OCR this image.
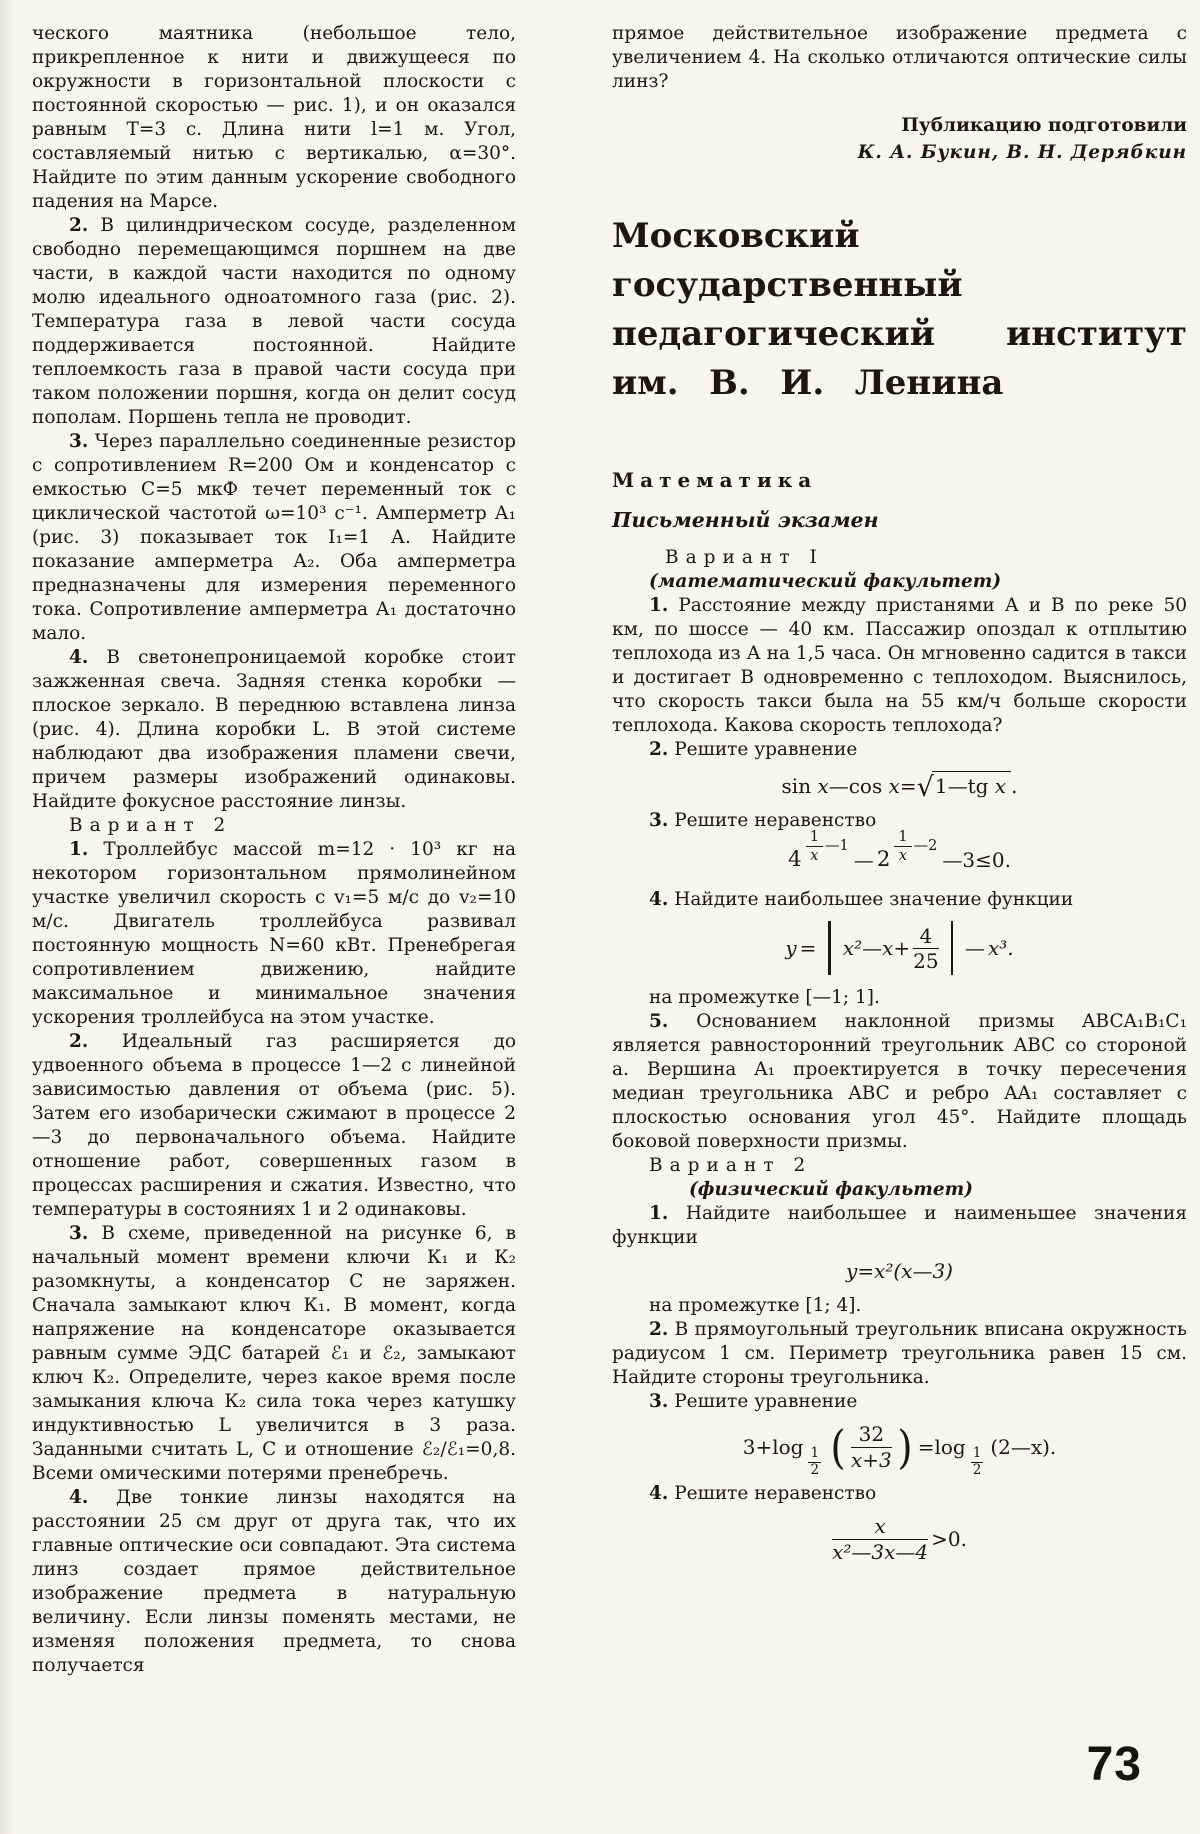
ческого маятника (небольшое тело, прикрепленное к нити и движущееся по окружности в горизонтальной плоскости с постоянной скоростью — рис. 1), и он оказался равным T=3 с. Длина нити l=1 м. Угол, составляемый нитью с вертикалью, α=30°. Найдите по этим данным ускорение свободного падения на Марсе.

2. В цилиндрическом сосуде, разделенном свободно перемещающимся поршнем на две части, в каждой части находится по одному молю идеального одноатомного газа (рис. 2). Температура газа в левой части сосуда поддерживается постоянной. Найдите теплоемкость газа в правой части сосуда при таком положении поршня, когда он делит сосуд пополам. Поршень тепла не проводит.

3. Через параллельно соединенные резистор с сопротивлением R=200 Ом и конденсатор с емкостью C=5 мкФ течет переменный ток с циклической частотой ω=10³ с⁻¹. Амперметр А₁ (рис. 3) показывает ток I₁=1 А. Найдите показание амперметра А₂. Оба амперметра предназначены для измерения переменного тока. Сопротивление амперметра А₁ достаточно мало.

4. В светонепроницаемой коробке стоит зажженная свеча. Задняя стенка коробки — плоское зеркало. В переднюю вставлена линза (рис. 4). Длина коробки L. В этой системе наблюдают два изображения пламени свечи, причем размеры изображений одинаковы. Найдите фокусное расстояние линзы.

Вариант 2

1. Троллейбус массой m=12 · 10³ кг на некотором горизонтальном прямолинейном участке увеличил скорость с v₁=5 м/с до v₂=10 м/с. Двигатель троллейбуса развивал постоянную мощность N=60 кВт. Пренебрегая сопротивлением движению, найдите максимальное и минимальное значения ускорения троллейбуса на этом участке.

2. Идеальный газ расширяется до удвоенного объема в процессе 1—2 с линейной зависимостью давления от объема (рис. 5). Затем его изобарически сжимают в процессе 2—3 до первоначального объема. Найдите отношение работ, совершенных газом в процессах расширения и сжатия. Известно, что температуры в состояниях 1 и 2 одинаковы.

3. В схеме, приведенной на рисунке 6, в начальный момент времени ключи К₁ и К₂ разомкнуты, а конденсатор C не заряжен. Сначала замыкают ключ К₁. В момент, когда напряжение на конденсаторе оказывается равным сумме ЭДС батарей ℰ₁ и ℰ₂, замыкают ключ К₂. Определите, через какое время после замыкания ключа К₂ сила тока через катушку индуктивностью L увеличится в 3 раза. Заданными считать L, C и отношение ℰ₂/ℰ₁=0,8. Всеми омическими потерями пренебречь.

4. Две тонкие линзы находятся на расстоянии 25 см друг от друга так, что их главные оптические оси совпадают. Эта система линз создает прямое действительное изображение предмета в натуральную величину. Если линзы поменять местами, не изменяя положения предмета, то снова получается

прямое действительное изображение предмета с увеличением 4. На сколько отличаются оптические силы линз?

Публикацию подготовили
К. А. Букин, В. Н. Дерябкин
Московский
государственный
педагогический институт
им. В. И. Ленина
Математика
Письменный экзамен

Вариант I

(математический факультет)

1. Расстояние между пристанями А и В по реке 50 км, по шоссе — 40 км. Пассажир опоздал к отплытию теплохода из А на 1,5 часа. Он мгновенно садится в такси и достигает В одновременно с теплоходом. Выяснилось, что скорость такси была на 55 км/ч больше скорости теплохода. Какова скорость теплохода?

2. Решите уравнение

sin x—cos x=√1—tg x .

3. Решите неравенство

$4 \frac{1}{x}$ —1
— $2 \frac{1}{x}$ —2
—3≤0.

4. Найдите наибольшее значение функции

y = x²—x+ $\frac{4}{25}$ — x³.

на промежутке [—1; 1].

5. Основанием наклонной призмы ABCA₁B₁C₁ является равносторонний треугольник ABC со стороной a. Вершина A₁ проектируется в точку пересечения медиан треугольника ABC и ребро AA₁ составляет с плоскостью основания угол 45°. Найдите площадь боковой поверхности призмы.

Вариант 2

(физический факультет)

1. Найдите наибольшее и наименьшее значения функции

y=x²(x—3)

на промежутке [1; 4].

2. В прямоугольный треугольник вписана окружность радиусом 1 см. Периметр треугольника равен 15 см. Найдите стороны треугольника.

3. Решите уравнение

$3+\log \frac{1}{2}$ ( $\frac{32}{x+3}$ ) $=\log \frac{1}{2}$ (2—x).

4. Решите неравенство

$\frac{x}{\text{x²—3x—4}} >0$.
73
